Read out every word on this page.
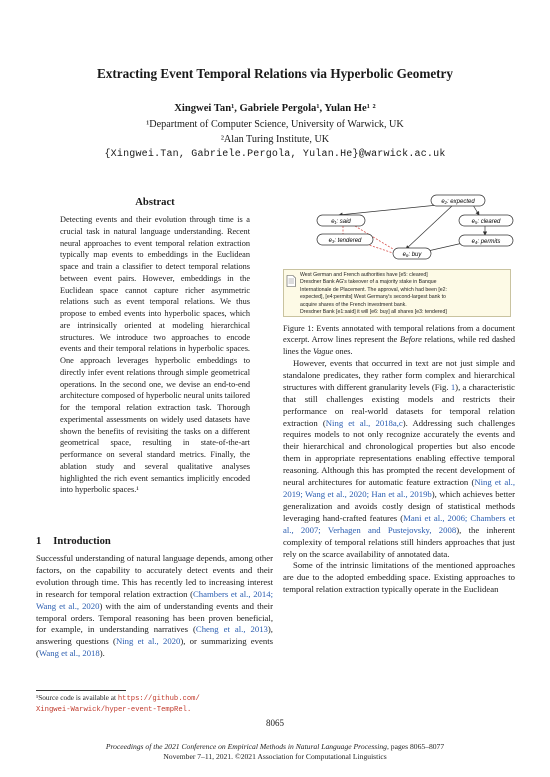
Extracting Event Temporal Relations via Hyperbolic Geometry
Xingwei Tan¹, Gabriele Pergola¹, Yulan He¹ ²
¹Department of Computer Science, University of Warwick, UK
²Alan Turing Institute, UK
{Xingwei.Tan, Gabriele.Pergola, Yulan.He}@warwick.ac.uk
Abstract
Detecting events and their evolution through time is a crucial task in natural language understanding. Recent neural approaches to event temporal relation extraction typically map events to embeddings in the Euclidean space and train a classifier to detect temporal relations between event pairs. However, embeddings in the Euclidean space cannot capture richer asymmetric relations such as event temporal relations. We thus propose to embed events into hyperbolic spaces, which are intrinsically oriented at modeling hierarchical structures. We introduce two approaches to encode events and their temporal relations in hyperbolic spaces. One approach leverages hyperbolic embeddings to directly infer event relations through simple geometrical operations. In the second one, we devise an end-to-end architecture composed of hyperbolic neural units tailored for the temporal relation extraction task. Thorough experimental assessments on widely used datasets have shown the benefits of revisiting the tasks on a different geometrical space, resulting in state-of-the-art performance on several standard metrics. Finally, the ablation study and several qualitative analyses highlighted the rich event semantics implicitly encoded into hyperbolic spaces.¹
1 Introduction
Successful understanding of natural language depends, among other factors, on the capability to accurately detect events and their evolution through time. This has recently led to increasing interest in research for temporal relation extraction (Chambers et al., 2014; Wang et al., 2020) with the aim of understanding events and their temporal orders. Temporal reasoning has been proven beneficial, for example, in understanding narratives (Cheng et al., 2013), answering questions (Ning et al., 2020), or summarizing events (Wang et al., 2018).
¹Source code is available at https://github.com/
Xingwei-Warwick/hyper-event-TempRel.
e₂: expected
e₁: said	e₅: cleared
e₃: tendered	e₄: permits
e₆: buy
West German and French authorities have [e5: cleared]
Dresdner Bank AG's takeover of a majority stake in Banque
Internationale de Placement. The approval, which had been [e2:
expected], [e4:permits] West Germany's second-largest bank to
acquire shares of the French investment bank.
Dresdner Bank [e1:said] it will [e6: buy] all shares [e3: tendered]
Figure 1: Events annotated with temporal relations from a document excerpt. Arrow lines represent the Before relations, while red dashed lines the Vague ones.

However, events that occurred in text are not just simple and standalone predicates, they rather form complex and hierarchical structures with different granularity levels (Fig. 1), a characteristic that still challenges existing models and restricts their performance on real-world datasets for temporal relation extraction (Ning et al., 2018a,c). Addressing such challenges requires models to not only recognize accurately the events and their hierarchical and chronological properties but also encode them in appropriate representations enabling effective temporal reasoning. Although this has prompted the recent development of neural architectures for automatic feature extraction (Ning et al., 2019; Wang et al., 2020; Han et al., 2019b), which achieves better generalization and avoids costly design of statistical methods leveraging hand-crafted features (Mani et al., 2006; Chambers et al., 2007; Verhagen and Pustejovsky, 2008), the inherent complexity of temporal relations still hinders approaches that just rely on the scarce availability of annotated data.

Some of the intrinsic limitations of the mentioned approaches are due to the adopted embedding space. Existing approaches to temporal relation extraction typically operate in the Euclidean

8065
Proceedings of the 2021 Conference on Empirical Methods in Natural Language Processing, pages 8065–8077
November 7–11, 2021. ©2021 Association for Computational Linguistics
